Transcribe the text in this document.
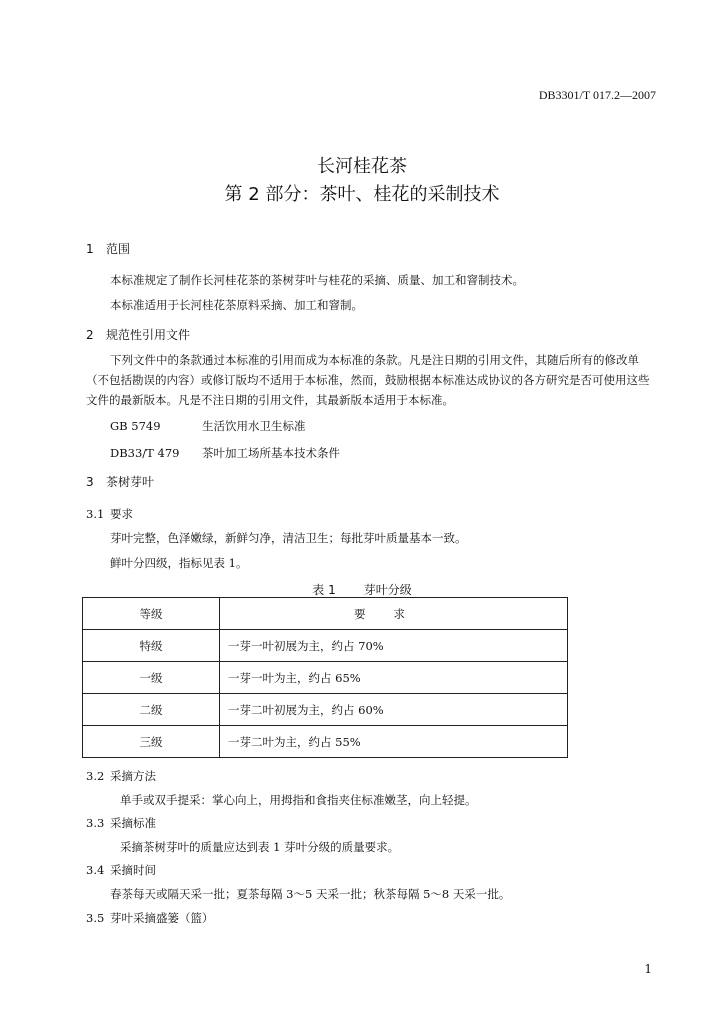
DB3301/T 017.2—2007
长河桂花茶
第 2 部分：茶叶、桂花的采制技术
1 范围
本标准规定了制作长河桂花茶的茶树芽叶与桂花的采摘、质量、加工和窨制技术。
本标准适用于长河桂花茶原料采摘、加工和窨制。
2 规范性引用文件
下列文件中的条款通过本标准的引用而成为本标准的条款。凡是注日期的引用文件，其随后所有的修改单（不包括勘误的内容）或修订版均不适用于本标准，然而，鼓励根据本标准达成协议的各方研究是否可使用这些文件的最新版本。凡是不注日期的引用文件，其最新版本适用于本标准。
GB 5749	生活饮用水卫生标准
DB33/T 479 茶叶加工场所基本技术条件
3 茶树芽叶
3.1 要求
芽叶完整，色泽嫩绿，新鲜匀净，清洁卫生；每批芽叶质量基本一致。
鲜叶分四级，指标见表 1。
表 1 芽叶分级
等级	要求
特级	一芽一叶初展为主，约占 70%
一级	一芽一叶为主，约占 65%
二级	一芽二叶初展为主，约占 60%
三级	一芽二叶为主，约占 55%
3.2 采摘方法
单手或双手提采：掌心向上，用拇指和食指夹住标准嫩茎，向上轻提。
3.3 采摘标准
采摘茶树芽叶的质量应达到表 1 芽叶分级的质量要求。
3.4 采摘时间
春茶每天或隔天采一批；夏茶每隔 3～5 天采一批；秋茶每隔 5～8 天采一批。
3.5 芽叶采摘盛篓（篮）
1
